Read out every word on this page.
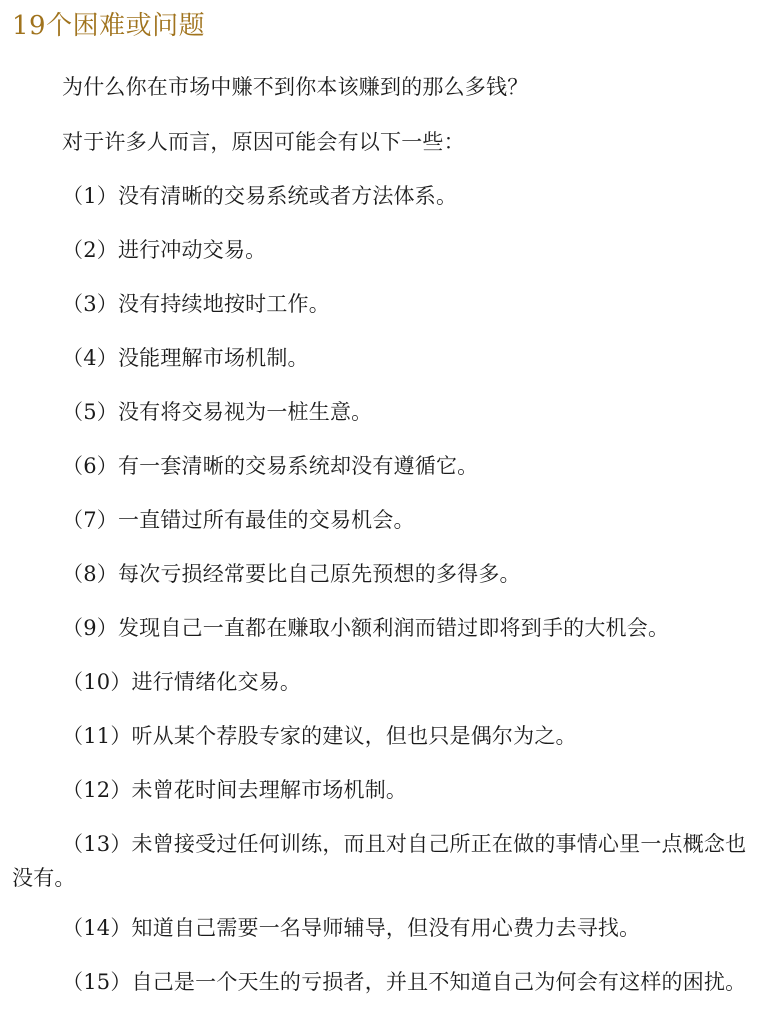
19个困难或问题

为什么你在市场中赚不到你本该赚到的那么多钱？

对于许多人而言，原因可能会有以下一些：

（1）没有清晰的交易系统或者方法体系。

（2）进行冲动交易。

（3）没有持续地按时工作。

（4）没能理解市场机制。

（5）没有将交易视为一桩生意。

（6）有一套清晰的交易系统却没有遵循它。

（7）一直错过所有最佳的交易机会。

（8）每次亏损经常要比自己原先预想的多得多。

（9）发现自己一直都在赚取小额利润而错过即将到手的大机会。

（10）进行情绪化交易。

（11）听从某个荐股专家的建议，但也只是偶尔为之。

（12）未曾花时间去理解市场机制。

（13）未曾接受过任何训练，而且对自己所正在做的事情心里一点概念也没有。

（14）知道自己需要一名导师辅导，但没有用心费力去寻找。

（15）自己是一个天生的亏损者，并且不知道自己为何会有这样的困扰。
